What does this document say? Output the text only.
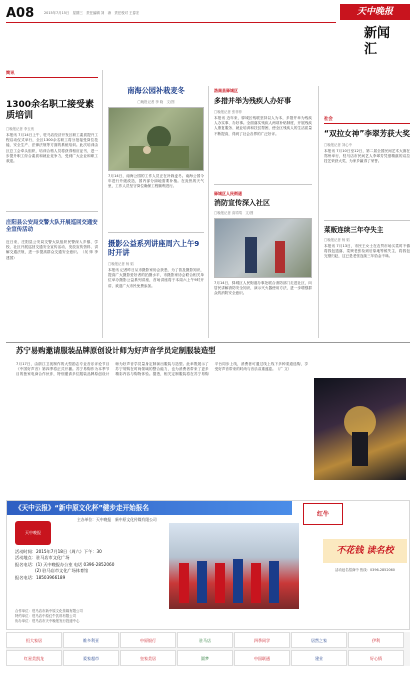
A08	2015年7月15日　星期三　责任编辑 刘　涛　责任校对 王春宏	天中晚报
新闻汇
简讯
1300余名职工接受素质培训
□晚报记者 李玉贵
本报讯 7月14日上午，驻马店经济开发区职工素质提升工程启动仪式举行，全区1300余名职工将分批接受岗位技能、安全生产、法律法规等方面的系统培训。此次培训由区总工会牵头组织，培训合格人员将获得相应证书，进一步提升职工综合素质和就业竞争力，受到广大企业和职工欢迎。
庄阳县公安局交警大队开展巡回交通安全宣传活动
近日来，庄阳县公安局交警大队组织民警深入乡镇、学校、社区开展巡回交通安全宣传活动，发放宣传资料、讲解交通法规，进一步提高群众交通安全意识。（吴 帅 李建国）
南海公园补栽麦冬
□晚报记者 李 晓　文/图
7月14日，南海公园的工作人员正在补栽麦冬。南海公园今年进行升级改造，园内部分绿地需要补植。在炎热的天气里，工作人员坚守岗位确保工程顺利进行。
摄影公益系列讲座周六上午9时开讲
□晚报记者 杨 韬
本报讯 记者昨日从市摄影家协会获悉，为了普及摄影知识，提高广大摄影爱好者的拍摄水平，市摄影家协会联合相关单位举办摄影公益系列讲座，首场讲座将于本周六上午9时开讲，欢迎广大市民免费参加。
洛南县驿城区
多措并举为残疾人办好事
□晚报记者 张菲菲
本报讯 近年来，驿城区残联坚持以人为本，多措并举为残疾人办实事、办好事。全面落实残疾人两项补贴制度，开展残疾人康复服务、就业培训和扶贫帮困，使全区残疾人的生活质量不断提高，得到了社会各界的广泛好评。
驿城区人民街道
消防宣传深入社区
□晚报记者 高靖靖　文/图
7月14日，驿城区人民街道办事处联合消防部门走进社区，向居民讲解消防安全知识，演示灭火器使用方法，进一步增强群众的消防安全意识。
社会
“双拉女神”李翠芳获大奖
□晚报记者 刘心中
本报讯 7月10日至12日，第二届全国民间艺术大赛在郑州举行，驻马店市民间艺人李翠芳凭借精湛的双拉技艺荣获大奖，为家乡赢得了荣誉。
菜贩连续三年夺失主
□晚报记者 杨 韬
本报讯 7月13日，市民王女士在农贸市场买菜时不慎将钱包遗落，菜贩老张捡到后原地等候失主，将钱包完璧归赵，这已是老张连续三年拾金不昧。
苏宁易购邀请服装品牌原创设计师为好声音学员定制服装造型
7月17日，由浙江卫视制作的大型励志专业音乐评论节目《中国好声音》第四季将正式开播。苏宁易购作为本季节目的独家电商合作伙伴，特别邀请多位服装品牌原创设计师为好声音学员量身定制演出服装与造型。此举既展示了苏宁易购在时尚领域的整合能力，也为消费者带来了更多精彩内容与购物体验。据悉，相关定制服装将在苏宁易购平台同步上线，消费者可通过线上线下多种渠道选购，享受好声音带来的时尚与音乐双重盛宴。（广 文）
《天中云报》“新中原文化杯”健步走开始报名
主办单位：天中晚报　新中原文化传媒有限公司
天中晚报
活动时间：2015年7月18日（周六）下午：30
活动地点：驻马店市文化广场
报名电话：(1) 天中晚报办公室 电话 0396-2852060
(2) 驻马店市文化广场体育馆
报名电话：18503966189
红牛
不花钱 读名校
活动冠名招商中 热线：0396-2852060
合作单位：驻马店市新中原文化传媒有限公司
特约单位：驻马店中原红牛饮料有限公司
协办单位：驻马店市天中晚报发行投递中心
恒大家居	维多利亚	中原银行	驻马店	四季同学	居然之家	伊利
红星美凯龙	爱家超市	皇家美居	圆梦	中国联通	建业	好心情
